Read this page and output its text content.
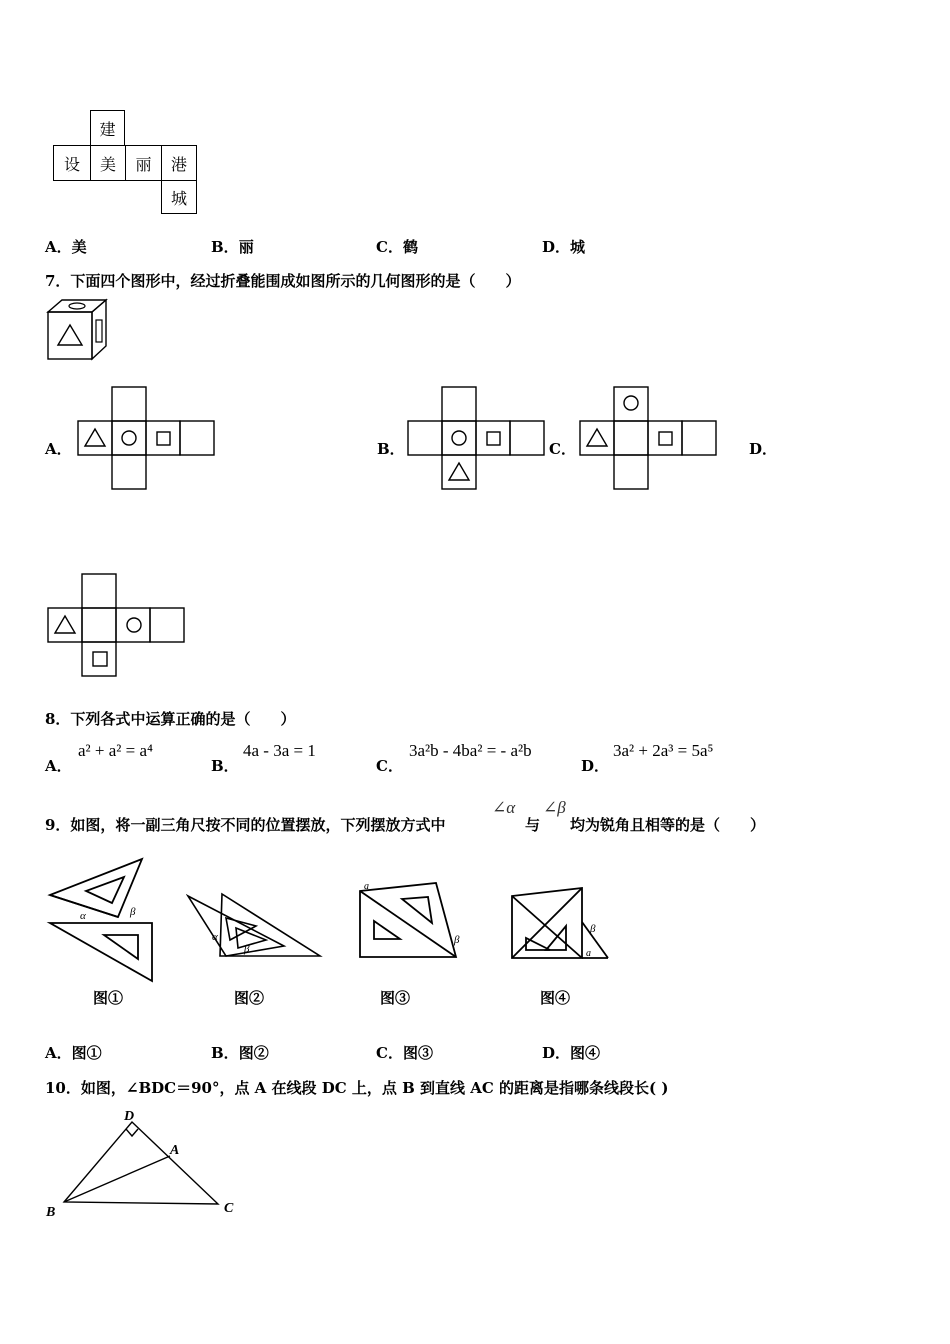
建
设 美 丽 港
城
A．美	B．丽	C．鹤	D．城
7．下面四个图形中，经过折叠能围成如图所示的几何图形的是（　　）
A．	B．	C．	D．
8．下列各式中运算正确的是（　　）
A．
a² + a² = a⁴
B．
4a - 3a = 1
C．
3a²b - 4ba² = - a²b
D．
3a² + 2a³ = 5a⁵
9．如图，将一副三角尺按不同的位置摆放，下列摆放方式中
∠α
与
∠β
均为锐角且相等的是（　　）
α	β
α
β
a
β
β
a
图①	图②	图③	图④
A．图①	B．图②	C．图③	D．图④
10．如图，∠BDC＝90°，点 A 在线段 DC 上，点 B 到直线 AC 的距离是指哪条线段长( )
D
A
B	C
